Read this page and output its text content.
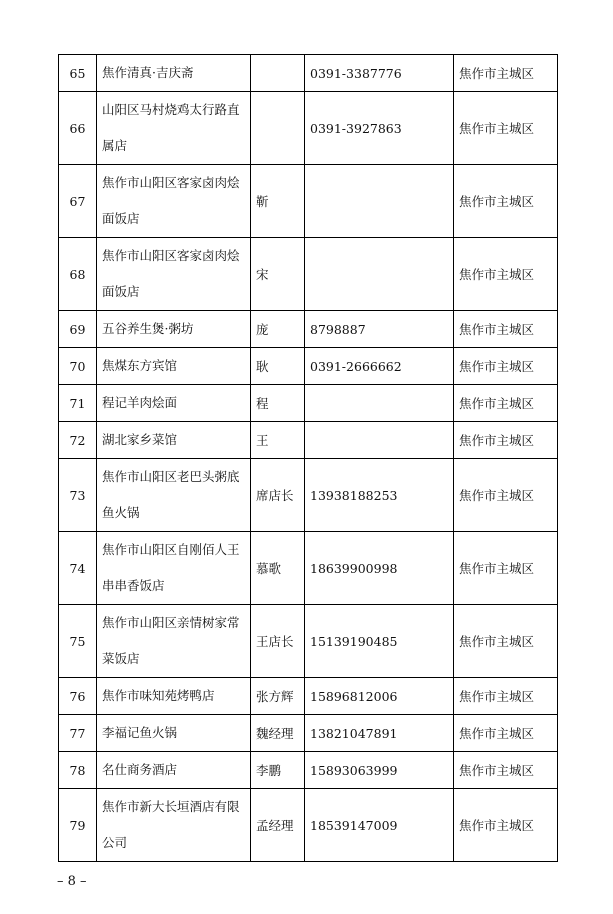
65	焦作清真·吉庆斋		0391-3387776	焦作市主城区
66	山阳区马村烧鸡太行路直属店		0391-3927863	焦作市主城区
67	焦作市山阳区客家卤肉烩面饭店	靳		焦作市主城区
68	焦作市山阳区客家卤肉烩面饭店	宋		焦作市主城区
69	五谷养生煲·粥坊	庞	8798887	焦作市主城区
70	焦煤东方宾馆	耿	0391-2666662	焦作市主城区
71	程记羊肉烩面	程		焦作市主城区
72	湖北家乡菜馆	王		焦作市主城区
73	焦作市山阳区老巴头粥底鱼火锅	席店长	13938188253	焦作市主城区
74	焦作市山阳区自刚佰人王串串香饭店	慕歌	18639900998	焦作市主城区
75	焦作市山阳区亲情树家常菜饭店	王店长	15139190485	焦作市主城区
76	焦作市味知苑烤鸭店	张方辉	15896812006	焦作市主城区
77	李福记鱼火锅	魏经理	13821047891	焦作市主城区
78	名仕商务酒店	李鹏	15893063999	焦作市主城区
79	焦作市新大长垣酒店有限公司	孟经理	18539147009	焦作市主城区
– 8 –
